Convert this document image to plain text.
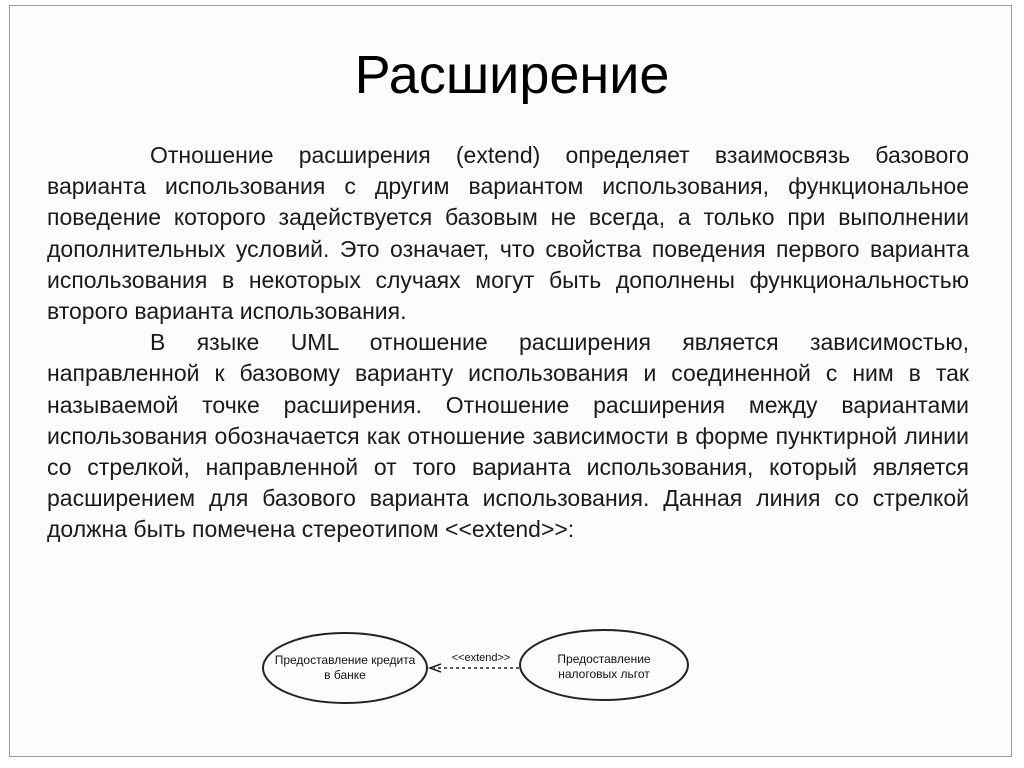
Расширение

Отношение расширения (extend) определяет взаимосвязь базового варианта использования с другим вариантом использования, функциональное поведение которого задействуется базовым не всегда, а только при выполнении дополнительных условий. Это означает, что свойства поведения первого варианта использования в некоторых случаях могут быть дополнены функциональностью второго варианта использования.

В языке UML отношение расширения является зависимостью, направленной к базовому варианту использования и соединенной с ним в так называемой точке расширения. Отношение расширения между вариантами использования обозначается как отношение зависимости в форме пунктирной линии со стрелкой, направленной от того варианта использования, который является расширением для базового варианта использования. Данная линия со стрелкой должна быть помечена стереотипом <<extend>>:

Предоставление кредита
в банке
Предоставление
налоговых льгот
<<extend>>
